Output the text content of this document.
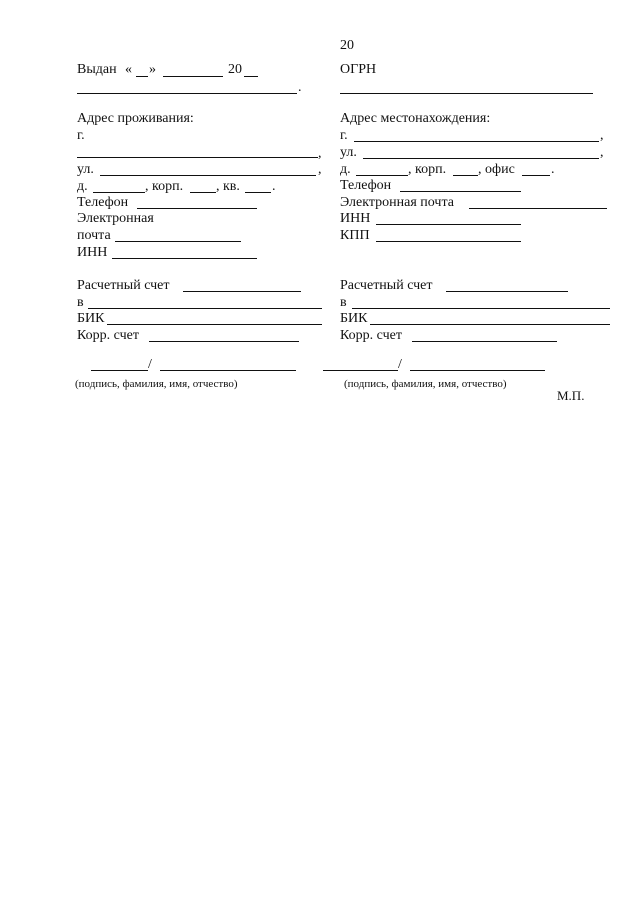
20
Выдан « »	20
.
Адрес проживания:
г.
,
ул.	,
д.	, корп. , кв. .
Телефон
Электронная
почта
ИНН
Расчетный счет
в
БИК
Корр. счет
/
(подпись, фамилия, имя, отчество)
ОГРН
Адрес местонахождения:
г.	,
ул.	,
д.	, корп. , офис	.
Телефон
Электронная почта
ИНН
КПП
Расчетный счет
в
БИК
Корр. счет
/
(подпись, фамилия, имя, отчество)
М.П.
